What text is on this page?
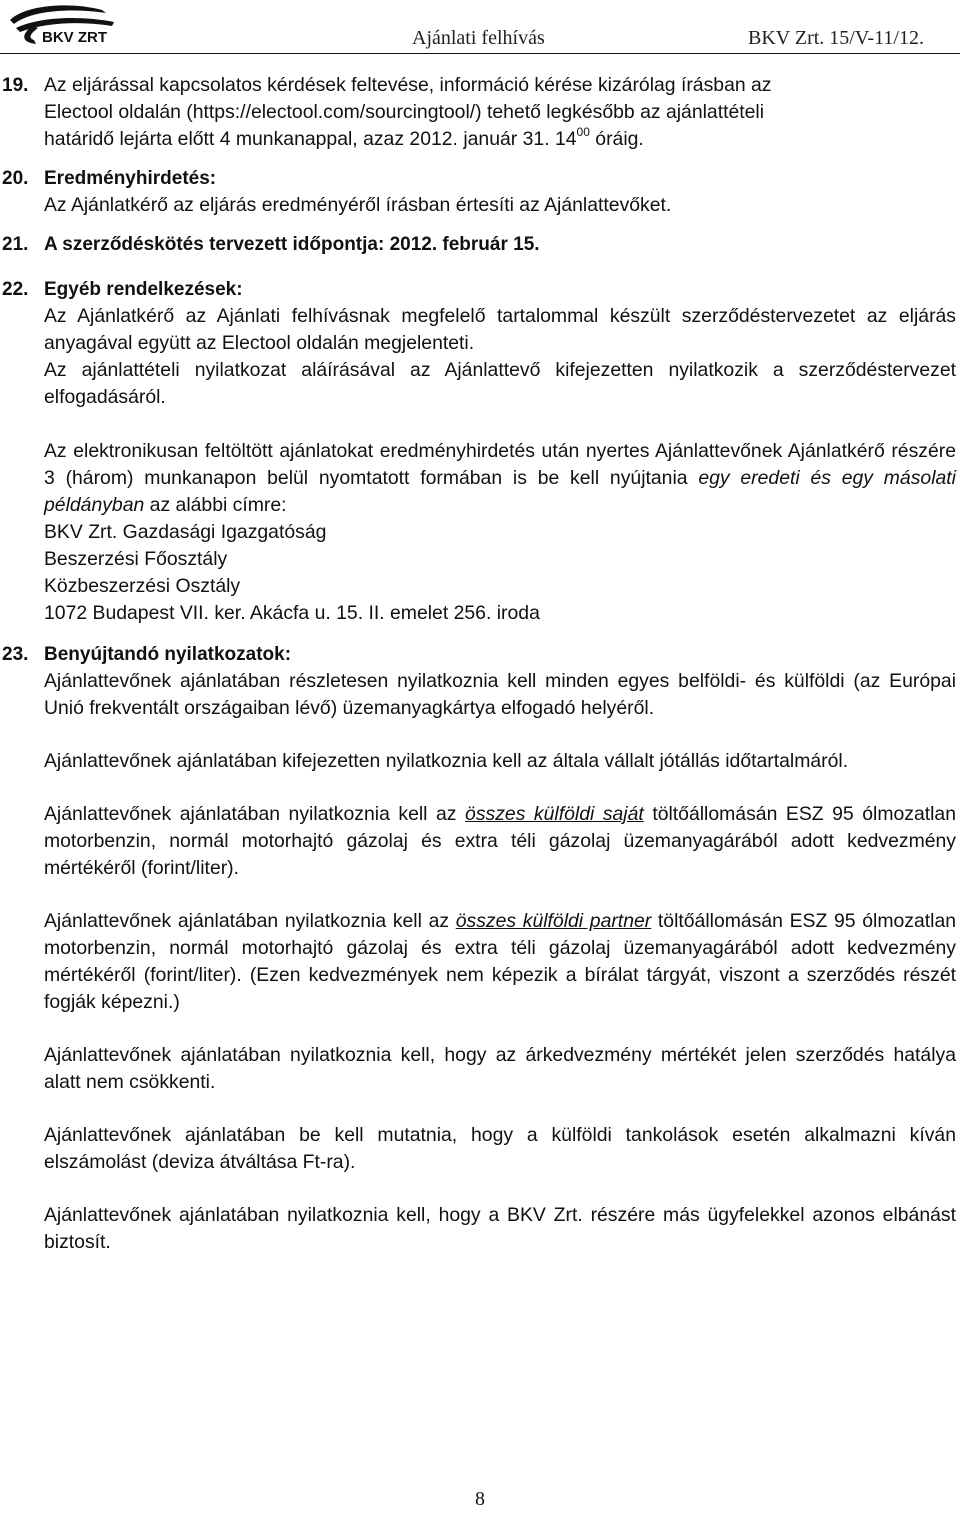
BKV ZRT	Ajánlati felhívás	BKV Zrt. 15/V-11/12.
19. Az eljárással kapcsolatos kérdések feltevése, információ kérése kizárólag írásban az
Electool oldalán (https://electool.com/sourcingtool/) tehető legkésőbb az ajánlattételi
határidő lejárta előtt 4 munkanappal, azaz 2012. január 31. $14^{00}$ óráig.

20. Eredményhirdetés:

Az Ajánlatkérő az eljárás eredményéről írásban értesíti az Ajánlattevőket.

21. A szerződéskötés tervezett időpontja: 2012. február 15.
22. Egyéb rendelkezések:

Az Ajánlatkérő az Ajánlati felhívásnak megfelelő tartalommal készült szerződéstervezetet az eljárás anyagával együtt az Electool oldalán megjelenteti.

Az ajánlattételi nyilatkozat aláírásával az Ajánlattevő kifejezetten nyilatkozik a szerződéstervezet elfogadásáról.

Az elektronikusan feltöltött ajánlatokat eredményhirdetés után nyertes Ajánlattevőnek Ajánlatkérő részére 3 (három) munkanapon belül nyomtatott formában is be kell nyújtania egy eredeti és egy másolati példányban az alábbi címre:

BKV Zrt. Gazdasági Igazgatóság

Beszerzési Főosztály

Közbeszerzési Osztály

1072 Budapest VII. ker. Akácfa u. 15. II. emelet 256. iroda

23. Benyújtandó nyilatkozatok:

Ajánlattevőnek ajánlatában részletesen nyilatkoznia kell minden egyes belföldi- és külföldi (az Európai Unió frekventált országaiban lévő) üzemanyagkártya elfogadó helyéről.

Ajánlattevőnek ajánlatában kifejezetten nyilatkoznia kell az általa vállalt jótállás időtartalmáról.

Ajánlattevőnek ajánlatában nyilatkoznia kell az összes külföldi saját töltőállomásán ESZ 95 ólmozatlan motorbenzin, normál motorhajtó gázolaj és extra téli gázolaj üzemanyagárából adott kedvezmény mértékéről (forint/liter).

Ajánlattevőnek ajánlatában nyilatkoznia kell az összes külföldi partner töltőállomásán ESZ 95 ólmozatlan motorbenzin, normál motorhajtó gázolaj és extra téli gázolaj üzemanyagárából adott kedvezmény mértékéről (forint/liter). (Ezen kedvezmények nem képezik a bírálat tárgyát, viszont a szerződés részét fogják képezni.)

Ajánlattevőnek ajánlatában nyilatkoznia kell, hogy az árkedvezmény mértékét jelen szerződés hatálya alatt nem csökkenti.

Ajánlattevőnek ajánlatában be kell mutatnia, hogy a külföldi tankolások esetén alkalmazni kíván elszámolást (deviza átváltása Ft-ra).

Ajánlattevőnek ajánlatában nyilatkoznia kell, hogy a BKV Zrt. részére más ügyfelekkel azonos elbánást biztosít.

8
